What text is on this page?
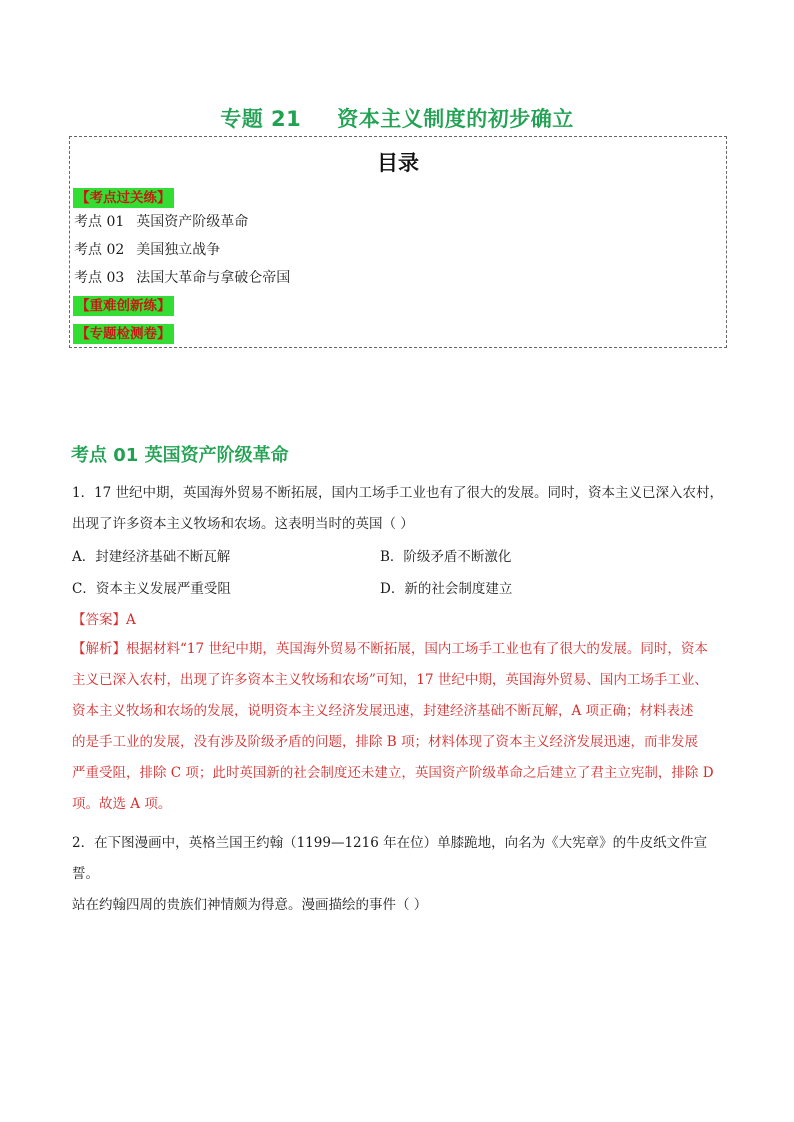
专题 21 资本主义制度的初步确立
目录
【考点过关练】
考点 01 英国资产阶级革命
考点 02 美国独立战争
考点 03 法国大革命与拿破仑帝国
【重难创新练】
【专题检测卷】
考点 01 英国资产阶级革命
1．17 世纪中期，英国海外贸易不断拓展，国内工场手工业也有了很大的发展。同时，资本主义已深入农村，
出现了许多资本主义牧场和农场。这表明当时的英国（ ）
A．封建经济基础不断瓦解	B．阶级矛盾不断激化
C．资本主义发展严重受阻	D．新的社会制度建立
【答案】A
【解析】根据材料“17 世纪中期，英国海外贸易不断拓展，国内工场手工业也有了很大的发展。同时，资本
主义已深入农村，出现了许多资本主义牧场和农场”可知，17 世纪中期，英国海外贸易、国内工场手工业、
资本主义牧场和农场的发展，说明资本主义经济发展迅速，封建经济基础不断瓦解，A 项正确；材料表述
的是手工业的发展，没有涉及阶级矛盾的问题，排除 B 项；材料体现了资本主义经济发展迅速，而非发展
严重受阻，排除 C 项；此时英国新的社会制度还未建立，英国资产阶级革命之后建立了君主立宪制，排除 D
项。故选 A 项。
2．在下图漫画中，英格兰国王约翰（1199—1216 年在位）单膝跪地，向名为《大宪章》的牛皮纸文件宣誓。
站在约翰四周的贵族们神情颇为得意。漫画描绘的事件（ ）
